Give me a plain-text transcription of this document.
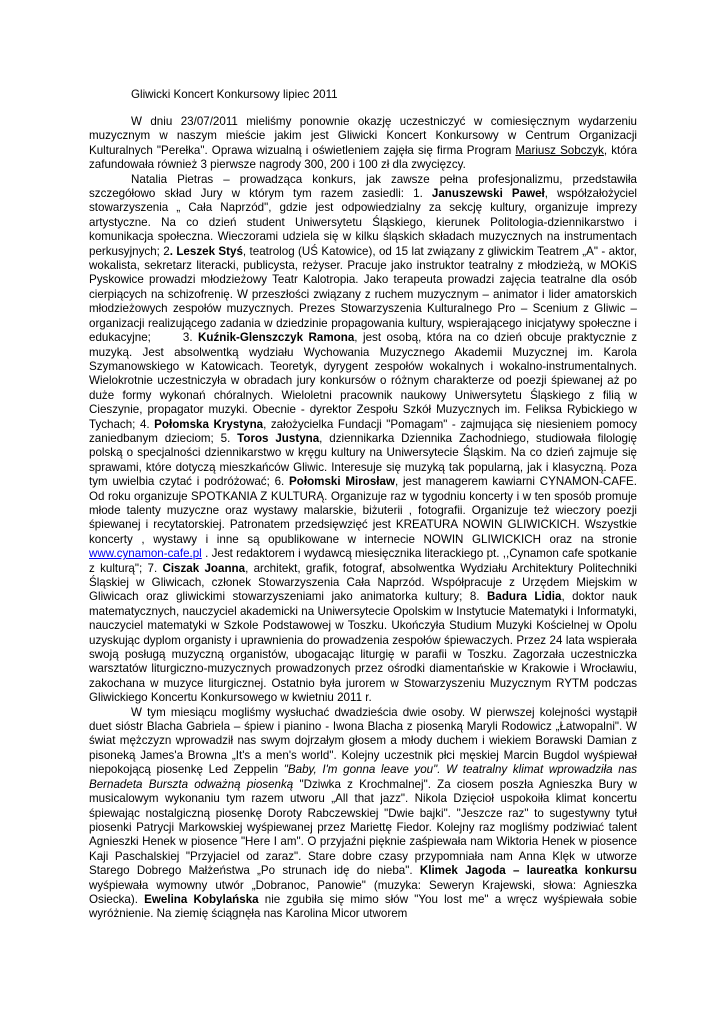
Gliwicki Koncert Konkursowy lipiec 2011

W dniu 23/07/2011 mieliśmy ponownie okazję uczestniczyć w comiesięcznym wydarzeniu muzycznym w naszym mieście jakim jest Gliwicki Koncert Konkursowy w Centrum Organizacji Kulturalnych "Perełka". Oprawa wizualną i oświetleniem zajęła się firma Program Mariusz Sobczyk, która zafundowała również 3 pierwsze nagrody 300, 200 i 100 zł dla zwycięzcy.

Natalia Pietras – prowadząca konkurs, jak zawsze pełna profesjonalizmu, przedstawiła szczegółowo skład Jury w którym tym razem zasiedli: 1. Januszewski Paweł, współzałożyciel stowarzyszenia „ Cała Naprzód", gdzie jest odpowiedzialny za sekcję kultury, organizuje imprezy artystyczne. Na co dzień student Uniwersytetu Śląskiego, kierunek Politologia-dziennikarstwo i komunikacja społeczna. Wieczorami udziela się w kilku śląskich składach muzycznych na instrumentach perkusyjnych; 2. Leszek Styś, teatrolog (UŚ Katowice), od 15 lat związany z gliwickim Teatrem „A" - aktor, wokalista, sekretarz literacki, publicysta, reżyser. Pracuje jako instruktor teatralny z młodzieżą, w MOKiS Pyskowice prowadzi młodzieżowy Teatr Kalotropia. Jako terapeuta prowadzi zajęcia teatralne dla osób cierpiących na schizofrenię. W przeszłości związany z ruchem muzycznym – animator i lider amatorskich młodzieżowych zespołów muzycznych. Prezes Stowarzyszenia Kulturalnego Pro – Scenium z Gliwic – organizacji realizującego zadania w dziedzinie propagowania kultury, wspierającego inicjatywy społeczne i edukacyjne;	3. Kuźnik-Glenszczyk Ramona, jest osobą, która na co dzień obcuje praktycznie z muzyką. Jest absolwentką wydziału Wychowania Muzycznego Akademii Muzycznej im. Karola Szymanowskiego w Katowicach. Teoretyk, dyrygent zespołów wokalnych i wokalno-instrumentalnych. Wielokrotnie uczestniczyła w obradach jury konkursów o różnym charakterze od poezji śpiewanej aż po duże formy wykonań chóralnych. Wieloletni pracownik naukowy Uniwersytetu Śląskiego z filią w Cieszynie, propagator muzyki. Obecnie - dyrektor Zespołu Szkół Muzycznych im. Feliksa Rybickiego w Tychach; 4. Połomska Krystyna, założycielka Fundacji "Pomagam" - zajmująca się niesieniem pomocy zaniedbanym dzieciom; 5. Toros Justyna, dziennikarka Dziennika Zachodniego, studiowała filologię polską o specjalności dziennikarstwo w kręgu kultury na Uniwersytecie Śląskim. Na co dzień zajmuje się sprawami, które dotyczą mieszkańców Gliwic. Interesuje się muzyką tak popularną, jak i klasyczną. Poza tym uwielbia czytać i podróżować; 6. Połomski Mirosław, jest managerem kawiarni CYNAMON-CAFE. Od roku organizuje SPOTKANIA Z KULTURĄ. Organizuje raz w tygodniu koncerty i w ten sposób promuje młode talenty muzyczne oraz wystawy malarskie, biżuterii , fotografii. Organizuje też wieczory poezji śpiewanej i recytatorskiej. Patronatem przedsięwzięć jest KREATURA NOWIN GLIWICKICH. Wszystkie koncerty , wystawy i inne są opublikowane w internecie NOWIN GLIWICKICH oraz na stronie www.cynamon-cafe.pl . Jest redaktorem i wydawcą miesięcznika literackiego pt. ,,Cynamon cafe spotkanie z kulturą"; 7. Ciszak Joanna, architekt, grafik, fotograf, absolwentka Wydziału Architektury Politechniki Śląskiej w Gliwicach, członek Stowarzyszenia Cała Naprzód. Współpracuje z Urzędem Miejskim w Gliwicach oraz gliwickimi stowarzyszeniami jako animatorka kultury; 8. Badura Lidia, doktor nauk matematycznych, nauczyciel akademicki na Uniwersytecie Opolskim w Instytucie Matematyki i Informatyki, nauczyciel matematyki w Szkole Podstawowej w Toszku. Ukończyła Studium Muzyki Kościelnej w Opolu uzyskując dyplom organisty i uprawnienia do prowadzenia zespołów śpiewaczych. Przez 24 lata wspierała swoją posługą muzyczną organistów, ubogacając liturgię w parafii w Toszku. Zagorzała uczestniczka warsztatów liturgiczno-muzycznych prowadzonych przez ośrodki diamentańskie w Krakowie i Wrocławiu, zakochana w muzyce liturgicznej. Ostatnio była jurorem w Stowarzyszeniu Muzycznym RYTM podczas Gliwickiego Koncertu Konkursowego w kwietniu 2011 r.

W tym miesiącu mogliśmy wysłuchać dwadzieścia dwie osoby. W pierwszej kolejności wystąpił duet sióstr Blacha Gabriela – śpiew i pianino - Iwona Blacha z piosenką Maryli Rodowicz „Łatwopalni". W świat mężczyzn wprowadził nas swym dojrzałym głosem a młody duchem i wiekiem Borawski Damian z pisoneką James'a Browna „It's a men's world". Kolejny uczestnik płci męskiej Marcin Bugdol wyśpiewał niepokojącą piosenkę Led Zeppelin "Baby, I'm gonna leave you". W teatralny klimat wprowadziła nas Bernadeta Burszta odważną piosenką "Dziwka z Krochmalnej". Za ciosem poszła Agnieszka Bury w musicalowym wykonaniu tym razem utworu „All that jazz". Nikola Dzięcioł uspokoiła klimat koncertu śpiewając nostalgiczną piosenkę Doroty Rabczewskiej "Dwie bajki". "Jeszcze raz" to sugestywny tytuł piosenki Patrycji Markowskiej wyśpiewanej przez Mariettę Fiedor. Kolejny raz mogliśmy podziwiać talent Agnieszki Henek w piosence "Here I am". O przyjaźni pięknie zaśpiewała nam Wiktoria Henek w piosence Kaji Paschalskiej "Przyjaciel od zaraz". Stare dobre czasy przypomniała nam Anna Klęk w utworze Starego Dobrego Małżeństwa „Po strunach idę do nieba". Klimek Jagoda – laureatka konkursu wyśpiewała wymowny utwór „Dobranoc, Panowie" (muzyka: Seweryn Krajewski, słowa: Agnieszka Osiecka). Ewelina Kobylańska nie zgubiła się mimo słów "You lost me" a wręcz wyśpiewała sobie wyróżnienie. Na ziemię ściągnęła nas Karolina Micor utworem
